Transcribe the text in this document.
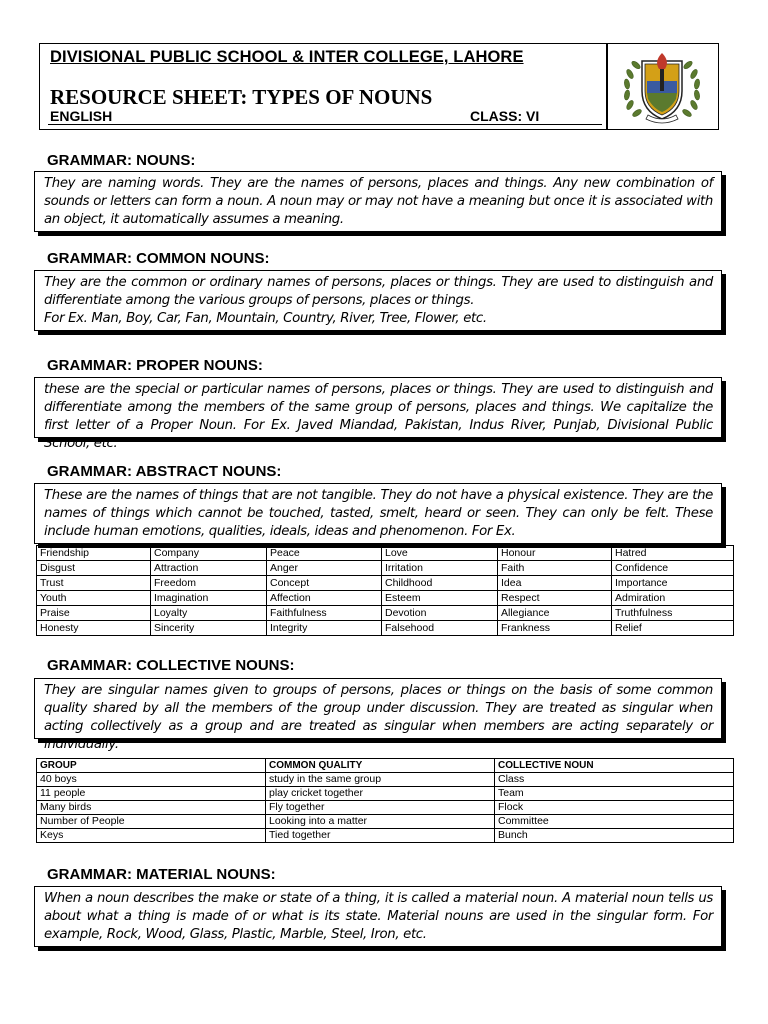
DIVISIONAL PUBLIC SCHOOL & INTER COLLEGE, LAHORE
RESOURCE SHEET: TYPES OF NOUNS
ENGLISH	CLASS: VI
GRAMMAR: NOUNS:

They are naming words. They are the names of persons, places and things. Any new combination of sounds or letters can form a noun. A noun may or may not have a meaning but once it is associated with an object, it automatically assumes a meaning.

GRAMMAR: COMMON NOUNS:

They are the common or ordinary names of persons, places or things. They are used to distinguish and differentiate among the various groups of persons, places or things.

For Ex. Man, Boy, Car, Fan, Mountain, Country, River, Tree, Flower, etc.

GRAMMAR: PROPER NOUNS:

these are the special or particular names of persons, places or things. They are used to distinguish and differentiate among the members of the same group of persons, places and things. We capitalize the first letter of a Proper Noun. For Ex. Javed Miandad, Pakistan, Indus River, Punjab, Divisional Public School, etc.

GRAMMAR: ABSTRACT NOUNS:

These are the names of things that are not tangible. They do not have a physical existence. They are the names of things which cannot be touched, tasted, smelt, heard or seen. They can only be felt. These include human emotions, qualities, ideals, ideas and phenomenon. For Ex.

Friendship	Company	Peace	Love	Honour	Hatred
Disgust	Attraction	Anger	Irritation	Faith	Confidence
Trust	Freedom	Concept	Childhood	Idea	Importance
Youth	Imagination	Affection	Esteem	Respect	Admiration
Praise	Loyalty	Faithfulness	Devotion	Allegiance	Truthfulness
Honesty	Sincerity	Integrity	Falsehood	Frankness	Relief
GRAMMAR: COLLECTIVE NOUNS:

They are singular names given to groups of persons, places or things on the basis of some common quality shared by all the members of the group under discussion. They are treated as singular when acting collectively as a group and are treated as singular when members are acting separately or individually.

GROUP	COMMON QUALITY	COLLECTIVE NOUN
40 boys	study in the same group	Class
11 people	play cricket together	Team
Many birds	Fly together	Flock
Number of People	Looking into a matter	Committee
Keys	Tied together	Bunch
GRAMMAR: MATERIAL NOUNS:

When a noun describes the make or state of a thing, it is called a material noun. A material noun tells us about what a thing is made of or what is its state. Material nouns are used in the singular form. For example, Rock, Wood, Glass, Plastic, Marble, Steel, Iron, etc.
